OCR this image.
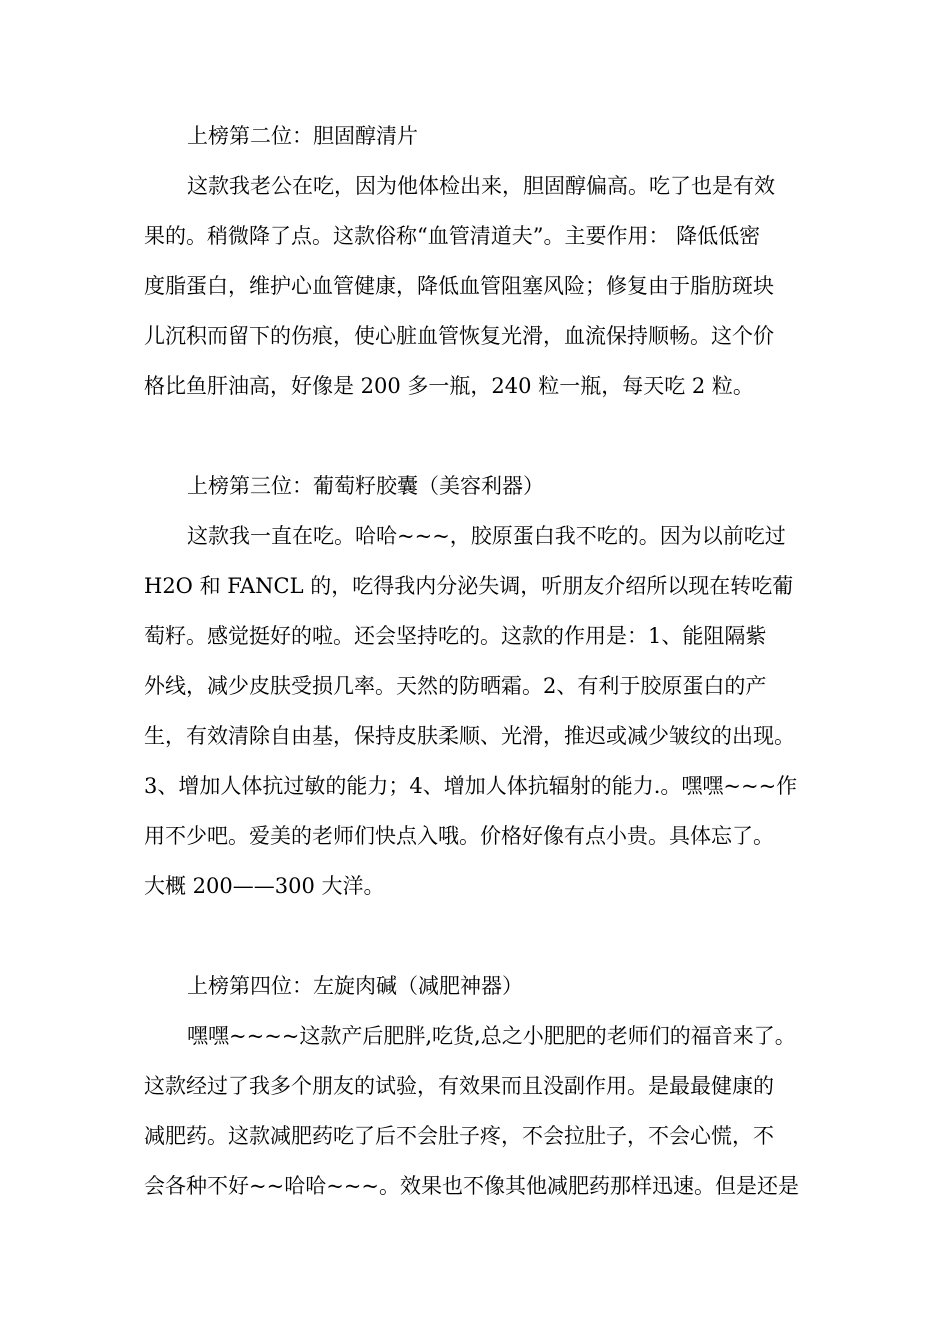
上榜第二位：胆固醇清片
这款我老公在吃，因为他体检出来，胆固醇偏高。吃了也是有效
果的。稍微降了点。这款俗称“血管清道夫”。主要作用： 降低低密
度脂蛋白，维护心血管健康，降低血管阻塞风险；修复由于脂肪斑块
儿沉积而留下的伤痕，使心脏血管恢复光滑，血流保持顺畅。这个价
格比鱼肝油高，好像是 200 多一瓶，240 粒一瓶，每天吃 2 粒。
上榜第三位：葡萄籽胶囊（美容利器）
这款我一直在吃。哈哈~~~，胶原蛋白我不吃的。因为以前吃过
H2O 和 FANCL 的，吃得我内分泌失调，听朋友介绍所以现在转吃葡
萄籽。感觉挺好的啦。还会坚持吃的。这款的作用是：1、能阻隔紫
外线，减少皮肤受损几率。天然的防晒霜。2、有利于胶原蛋白的产
生，有效清除自由基，保持皮肤柔顺、光滑，推迟或减少皱纹的出现。
3、增加人体抗过敏的能力；4、增加人体抗辐射的能力.。嘿嘿~~~作
用不少吧。爱美的老师们快点入哦。价格好像有点小贵。具体忘了。
大概 200——300 大洋。
上榜第四位：左旋肉碱（减肥神器）
嘿嘿~~~~这款产后肥胖,吃货,总之小肥肥的老师们的福音来了。
这款经过了我多个朋友的试验，有效果而且没副作用。是最最健康的
减肥药。这款减肥药吃了后不会肚子疼，不会拉肚子，不会心慌，不
会各种不好~~哈哈~~~。效果也不像其他减肥药那样迅速。但是还是
